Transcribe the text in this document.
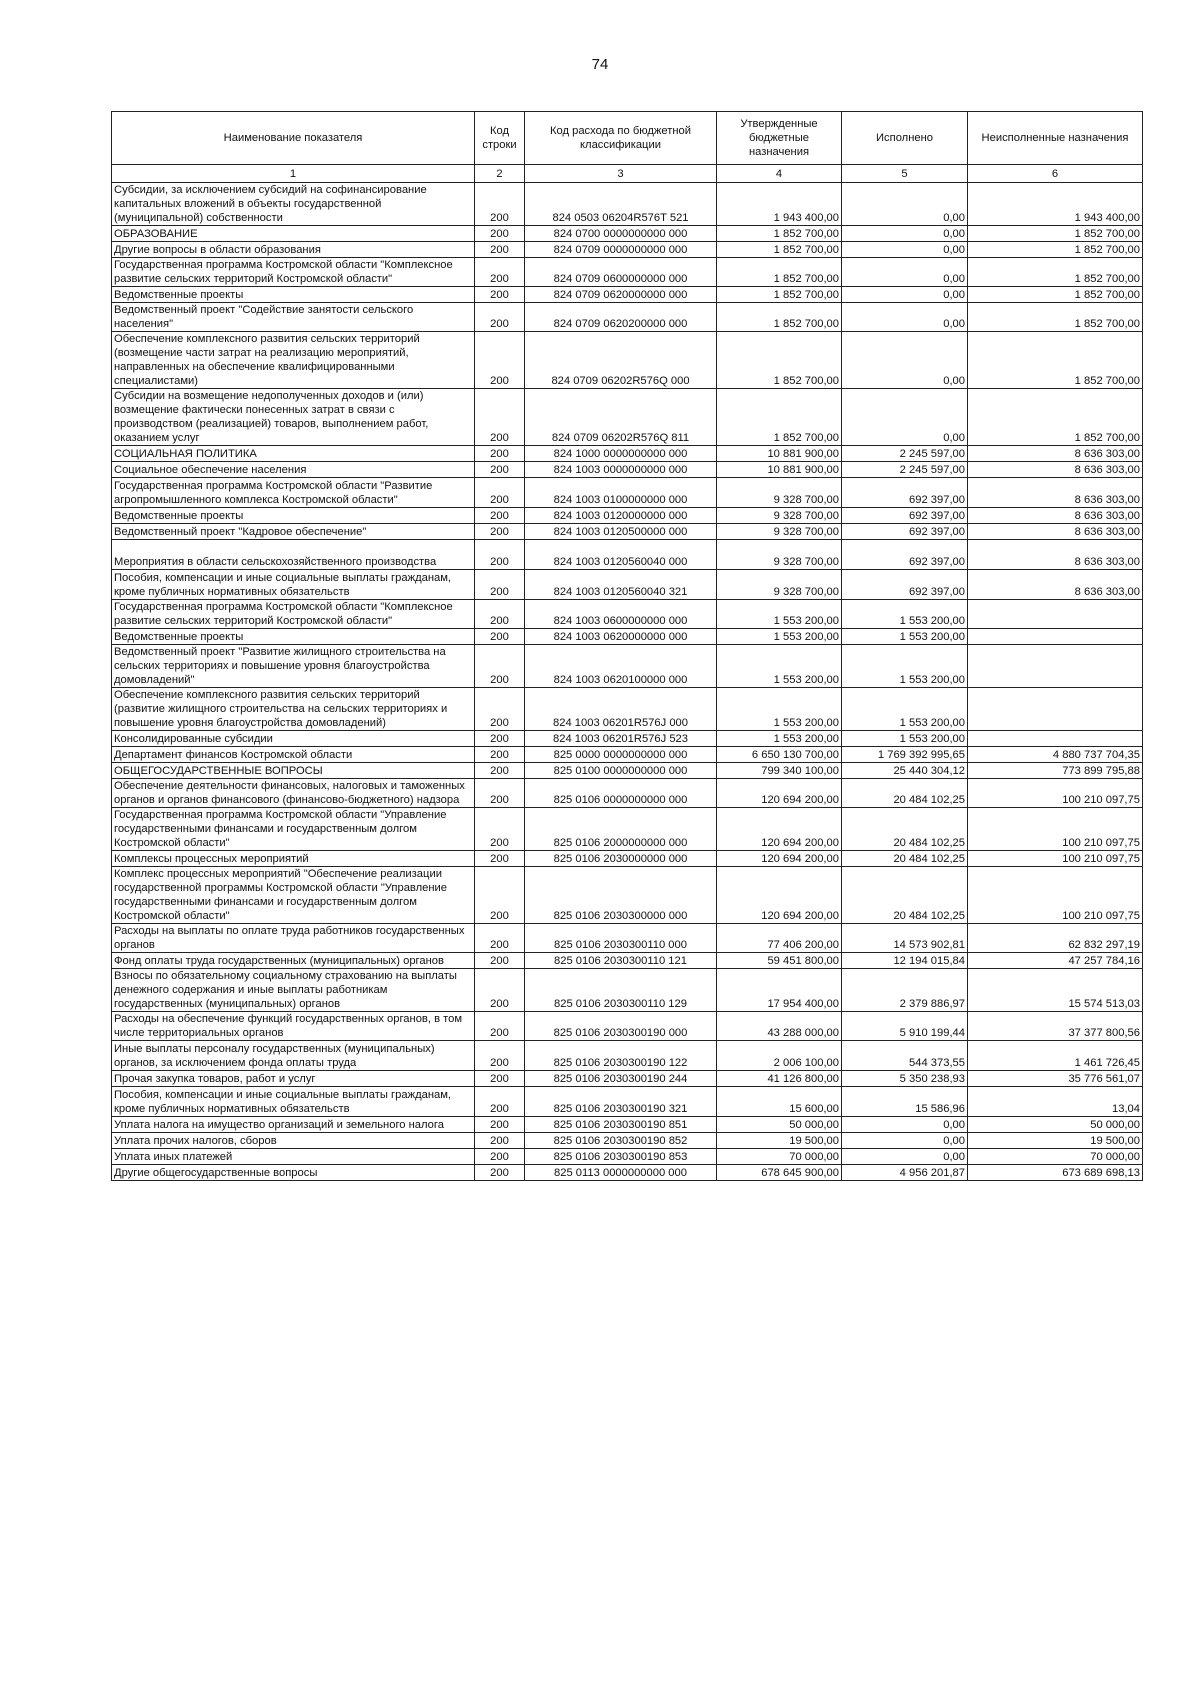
74
Наименование показателя	Код строки	Код расхода по бюджетной классификации	Утвержденные бюджетные назначения	Исполнено	Неисполненные назначения
1	2	3	4	5	6
Субсидии, за исключением субсидий на софинансирование капитальных вложений в объекты государственной (муниципальной) собственности	200	824 0503 06204R576T 521	1 943 400,00	0,00	1 943 400,00
ОБРАЗОВАНИЕ	200	824 0700 0000000000 000	1 852 700,00	0,00	1 852 700,00
Другие вопросы в области образования	200	824 0709 0000000000 000	1 852 700,00	0,00	1 852 700,00
Государственная программа Костромской области "Комплексное развитие сельских территорий Костромской области"	200	824 0709 0600000000 000	1 852 700,00	0,00	1 852 700,00
Ведомственные проекты	200	824 0709 0620000000 000	1 852 700,00	0,00	1 852 700,00
Ведомственный проект "Содействие занятости сельского населения"	200	824 0709 0620200000 000	1 852 700,00	0,00	1 852 700,00
Обеспечение комплексного развития сельских территорий (возмещение части затрат на реализацию мероприятий, направленных на обеспечение квалифицированными специалистами)	200	824 0709 06202R576Q 000	1 852 700,00	0,00	1 852 700,00
Субсидии на возмещение недополученных доходов и (или) возмещение фактически понесенных затрат в связи с производством (реализацией) товаров, выполнением работ, оказанием услуг	200	824 0709 06202R576Q 811	1 852 700,00	0,00	1 852 700,00
СОЦИАЛЬНАЯ ПОЛИТИКА	200	824 1000 0000000000 000	10 881 900,00	2 245 597,00	8 636 303,00
Социальное обеспечение населения	200	824 1003 0000000000 000	10 881 900,00	2 245 597,00	8 636 303,00
Государственная программа Костромской области "Развитие агропромышленного комплекса Костромской области"	200	824 1003 0100000000 000	9 328 700,00	692 397,00	8 636 303,00
Ведомственные проекты	200	824 1003 0120000000 000	9 328 700,00	692 397,00	8 636 303,00
Ведомственный проект "Кадровое обеспечение"	200	824 1003 0120500000 000	9 328 700,00	692 397,00	8 636 303,00
Мероприятия в области сельскохозяйственного производства	200	824 1003 0120560040 000	9 328 700,00	692 397,00	8 636 303,00
Пособия, компенсации и иные социальные выплаты гражданам, кроме публичных нормативных обязательств	200	824 1003 0120560040 321	9 328 700,00	692 397,00	8 636 303,00
Государственная программа Костромской области "Комплексное развитие сельских территорий Костромской области"	200	824 1003 0600000000 000	1 553 200,00	1 553 200,00	
Ведомственные проекты	200	824 1003 0620000000 000	1 553 200,00	1 553 200,00	
Ведомственный проект "Развитие жилищного строительства на сельских территориях и повышение уровня благоустройства домовладений"	200	824 1003 0620100000 000	1 553 200,00	1 553 200,00	
Обеспечение комплексного развития сельских территорий (развитие жилищного строительства на сельских территориях и повышение уровня благоустройства домовладений)	200	824 1003 06201R576J 000	1 553 200,00	1 553 200,00	
Консолидированные субсидии	200	824 1003 06201R576J 523	1 553 200,00	1 553 200,00	
Департамент финансов Костромской области	200	825 0000 0000000000 000	6 650 130 700,00	1 769 392 995,65	4 880 737 704,35
ОБЩЕГОСУДАРСТВЕННЫЕ ВОПРОСЫ	200	825 0100 0000000000 000	799 340 100,00	25 440 304,12	773 899 795,88
Обеспечение деятельности финансовых, налоговых и таможенных органов и органов финансового (финансово-бюджетного) надзора	200	825 0106 0000000000 000	120 694 200,00	20 484 102,25	100 210 097,75
Государственная программа Костромской области "Управление государственными финансами и государственным долгом Костромской области"	200	825 0106 2000000000 000	120 694 200,00	20 484 102,25	100 210 097,75
Комплексы процессных мероприятий	200	825 0106 2030000000 000	120 694 200,00	20 484 102,25	100 210 097,75
Комплекс процессных мероприятий "Обеспечение реализации государственной программы Костромской области "Управление государственными финансами и государственным долгом Костромской области"	200	825 0106 2030300000 000	120 694 200,00	20 484 102,25	100 210 097,75
Расходы на выплаты по оплате труда работников государственных органов	200	825 0106 2030300110 000	77 406 200,00	14 573 902,81	62 832 297,19
Фонд оплаты труда государственных (муниципальных) органов	200	825 0106 2030300110 121	59 451 800,00	12 194 015,84	47 257 784,16
Взносы по обязательному социальному страхованию на выплаты денежного содержания и иные выплаты работникам государственных (муниципальных) органов	200	825 0106 2030300110 129	17 954 400,00	2 379 886,97	15 574 513,03
Расходы на обеспечение функций государственных органов, в том числе территориальных органов	200	825 0106 2030300190 000	43 288 000,00	5 910 199,44	37 377 800,56
Иные выплаты персоналу государственных (муниципальных) органов, за исключением фонда оплаты труда	200	825 0106 2030300190 122	2 006 100,00	544 373,55	1 461 726,45
Прочая закупка товаров, работ и услуг	200	825 0106 2030300190 244	41 126 800,00	5 350 238,93	35 776 561,07
Пособия, компенсации и иные социальные выплаты гражданам, кроме публичных нормативных обязательств	200	825 0106 2030300190 321	15 600,00	15 586,96	13,04
Уплата налога на имущество организаций и земельного налога	200	825 0106 2030300190 851	50 000,00	0,00	50 000,00
Уплата прочих налогов, сборов	200	825 0106 2030300190 852	19 500,00	0,00	19 500,00
Уплата иных платежей	200	825 0106 2030300190 853	70 000,00	0,00	70 000,00
Другие общегосударственные вопросы	200	825 0113 0000000000 000	678 645 900,00	4 956 201,87	673 689 698,13
